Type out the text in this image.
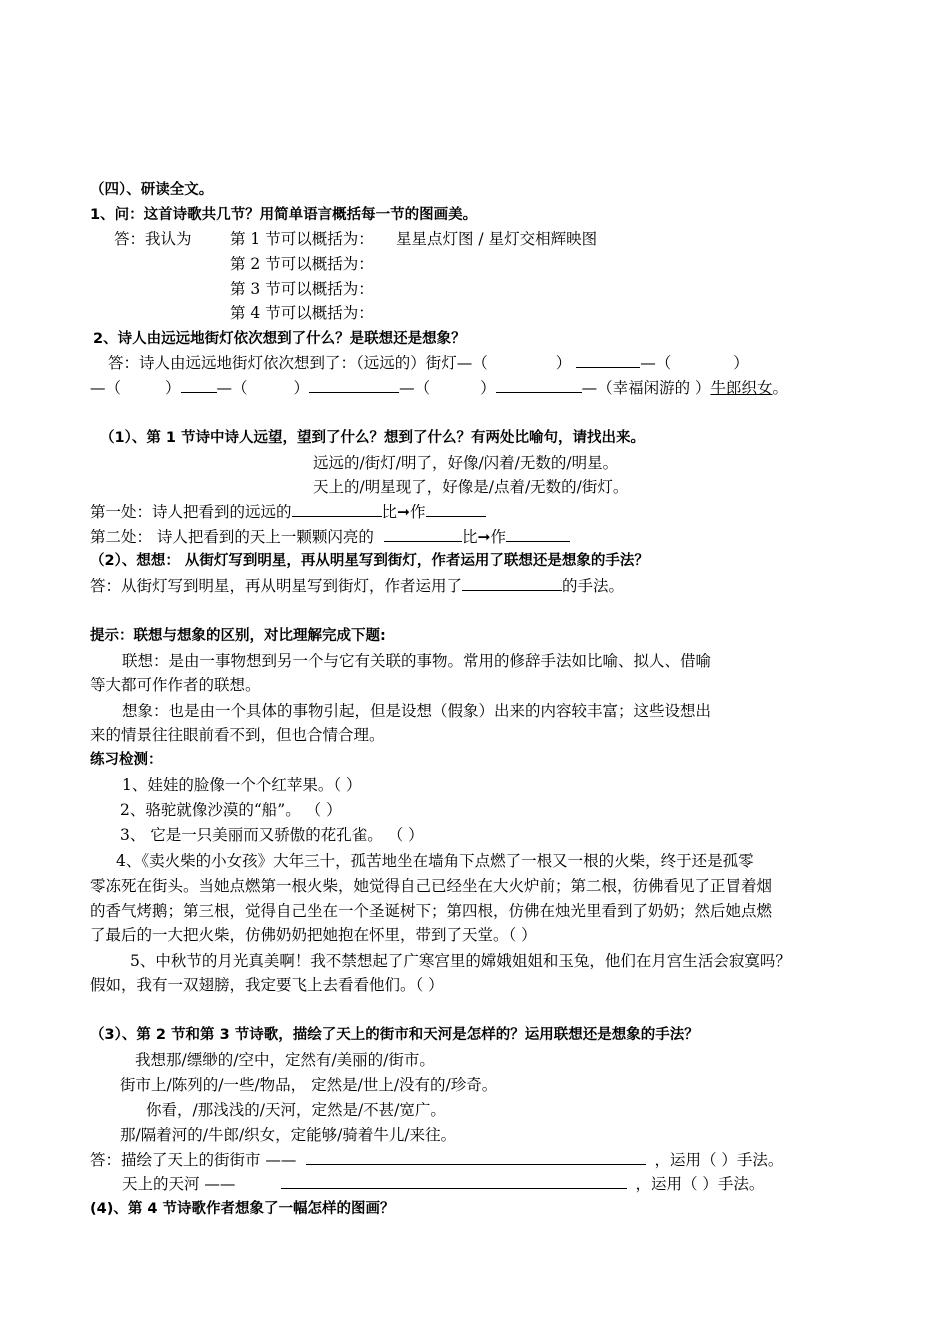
（四）、研读全文。
1、问：这首诗歌共几节？用简单语言概括每一节的图画美。
答：我认为 第 1 节可以概括为： 星星点灯图 / 星灯交相辉映图
第 2 节可以概括为：
第 3 节可以概括为：
第 4 节可以概括为：
2、诗人由远远地街灯依次想到了什么？是联想还是想象？
答：诗人由远远地街灯依次想到了：（远远的）街灯—（	）	—（	）
—（	） —（	）	—（	）	—（幸福闲游的 ）牛郎织女。
（1）、第 1 节诗中诗人远望，望到了什么？想到了什么？有两处比喻句，请找出来。
远远的/街灯/明了，好像/闪着/无数的/明星。
天上的/明星现了，好像是/点着/无数的/街灯。
第一处：诗人把看到的远远的	比➞作
第二处： 诗人把看到的天上一颗颗闪亮的	比➞作
（2）、想想： 从街灯写到明星，再从明星写到街灯，作者运用了联想还是想象的手法？
答：从街灯写到明星，再从明星写到街灯，作者运用了	的手法。
提示：联想与想象的区别，对比理解完成下题:
联想：是由一事物想到另一个与它有关联的事物。常用的修辞手法如比喻、拟人、借喻
等大都可作作者的联想。
想象：也是由一个具体的事物引起，但是设想（假象）出来的内容较丰富；这些设想出
来的情景往往眼前看不到，但也合情合理。
练习检测：
1、娃娃的脸像一个个红苹果。（ ）
2、骆驼就像沙漠的“船”。 （ ）
3、 它是一只美丽而又骄傲的花孔雀。 （ ）
4、《卖火柴的小女孩》大年三十，孤苦地坐在墙角下点燃了一根又一根的火柴，终于还是孤零
零冻死在街头。当她点燃第一根火柴，她觉得自己已经坐在大火炉前；第二根，彷佛看见了正冒着烟
的香气烤鹅；第三根，觉得自己坐在一个圣诞树下；第四根，仿佛在烛光里看到了奶奶；然后她点燃
了最后的一大把火柴，仿佛奶奶把她抱在怀里，带到了天堂。（ ）
5、中秋节的月光真美啊！我不禁想起了广寒宫里的嫦娥姐姐和玉兔，他们在月宫生活会寂寞吗？
假如，我有一双翅膀，我定要飞上去看看他们。（ ）
（3）、第 2 节和第 3 节诗歌，描绘了天上的街市和天河是怎样的？运用联想还是想象的手法？
我想那/缥缈的/空中，定然有/美丽的/街市。
街市上/陈列的/一些/物品， 定然是/世上/没有的/珍奇。
你看，/那浅浅的/天河，定然是/不甚/宽广。
那/隔着河的/牛郎/织女，定能够/骑着牛儿/来往。
答：描绘了天上的街街市 ——	，运用（ ）手法。
天上的天河 ——	，运用（ ）手法。
(4)、第 4 节诗歌作者想象了一幅怎样的图画？
